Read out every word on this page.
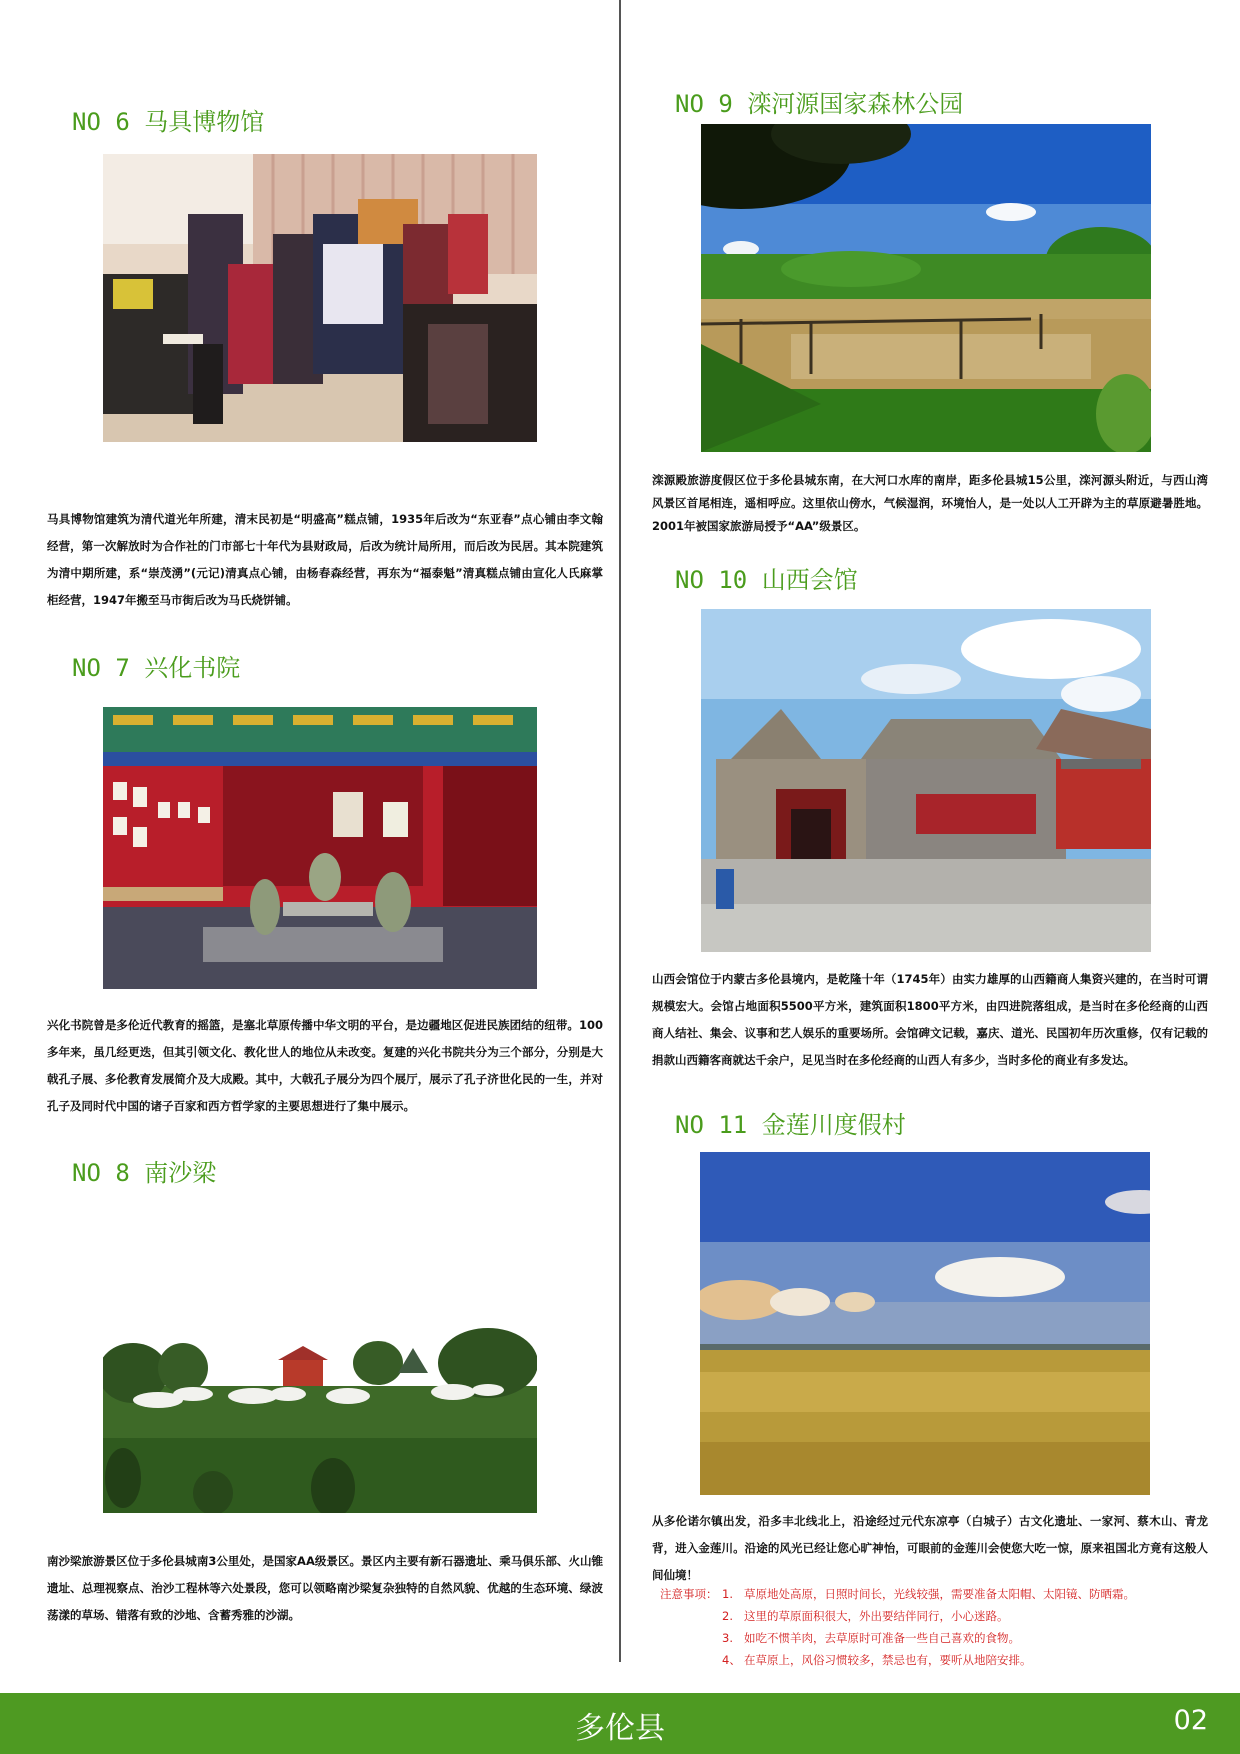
NO 6 马具博物馆

马具博物馆建筑为清代道光年所建，清末民初是“明盛高”糕点铺，1935年后改为“东亚春”点心铺由李文翰经营，第一次解放时为合作社的门市部七十年代为县财政局，后改为统计局所用，而后改为民居。其本院建筑为清中期所建，系“崇茂湧”(元记)清真点心铺，由杨春森经营，再东为“福泰魁”清真糕点铺由宣化人氏麻掌柜经营，1947年搬至马市街后改为马氏烧饼铺。

NO 7 兴化书院

兴化书院曾是多伦近代教育的摇篮，是塞北草原传播中华文明的平台，是边疆地区促进民族团结的纽带。100多年来，虽几经更迭，但其引领文化、教化世人的地位从未改变。复建的兴化书院共分为三个部分，分别是大戟孔子展、多伦教育发展简介及大成殿。其中，大戟孔子展分为四个展厅，展示了孔子济世化民的一生，并对孔子及同时代中国的诸子百家和西方哲学家的主要思想进行了集中展示。

NO 8 南沙梁

南沙梁旅游景区位于多伦县城南3公里处，是国家AA级景区。景区内主要有新石器遗址、乘马俱乐部、火山锥遗址、总理视察点、治沙工程林等六处景段，您可以领略南沙梁复杂独特的自然风貌、优越的生态环境、绿波荡漾的草场、错落有致的沙地、含蓄秀雅的沙湖。

NO 9 滦河源国家森林公园

滦源殿旅游度假区位于多伦县城东南，在大河口水库的南岸，距多伦县城15公里，滦河源头附近，与西山湾风景区首尾相连，遥相呼应。这里依山傍水，气候湿润，环境怡人，是一处以人工开辟为主的草原避暑胜地。2001年被国家旅游局授予“AA”级景区。

NO 10 山西会馆

山西会馆位于内蒙古多伦县境内，是乾隆十年（1745年）由实力雄厚的山西籍商人集资兴建的，在当时可谓规模宏大。会馆占地面积5500平方米，建筑面积1800平方米，由四进院落组成，是当时在多伦经商的山西商人结社、集会、议事和艺人娱乐的重要场所。会馆碑文记载，嘉庆、道光、民国初年历次重修，仅有记载的捐款山西籍客商就达千余户，足见当时在多伦经商的山西人有多少，当时多伦的商业有多发达。

NO 11 金莲川度假村

从多伦诺尔镇出发，沿多丰北线北上，沿途经过元代东凉亭（白城子）古文化遗址、一家河、蔡木山、青龙背，进入金莲川。沿途的风光已经让您心旷神怡，可眼前的金莲川会使您大吃一惊，原来祖国北方竟有这般人间仙境！

注意事项： 1. 草原地处高原，日照时间长，光线较强，需要准备太阳帽、太阳镜、防晒霜。
2. 这里的草原面积很大，外出要结伴同行，小心迷路。
3. 如吃不惯羊肉，去草原时可准备一些自己喜欢的食物。
4、 在草原上，风俗习惯较多，禁忌也有，要听从地陪安排。
多伦县	02
